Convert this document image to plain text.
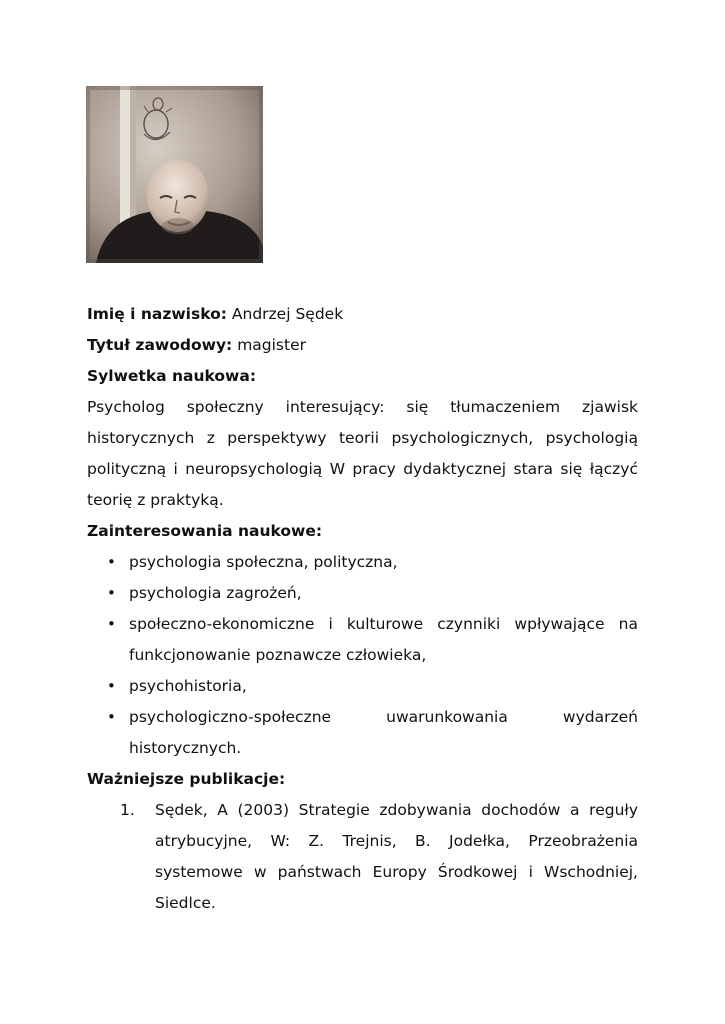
Imię i nazwisko: Andrzej Sędek

Tytuł zawodowy: magister

Sylwetka naukowa:

Psycholog społeczny interesujący: się tłumaczeniem zjawisk historycznych z perspektywy teorii psychologicznych, psychologią polityczną i neuropsychologią W pracy dydaktycznej stara się łączyć teorię z praktyką.

Zainteresowania naukowe:

• psychologia społeczna, polityczna,
• psychologia zagrożeń,
• społeczno-ekonomiczne i kulturowe czynniki wpływające na funkcjonowanie poznawcze człowieka,
• psychohistoria,
• psychologiczno-społeczne uwarunkowania wydarzeń historycznych.

Ważniejsze publikacje:

1. Sędek, A (2003) Strategie zdobywania dochodów a reguły atrybucyjne, W: Z. Trejnis, B. Jodełka, Przeobrażenia systemowe w państwach Europy Środkowej i Wschodniej, Siedlce.
